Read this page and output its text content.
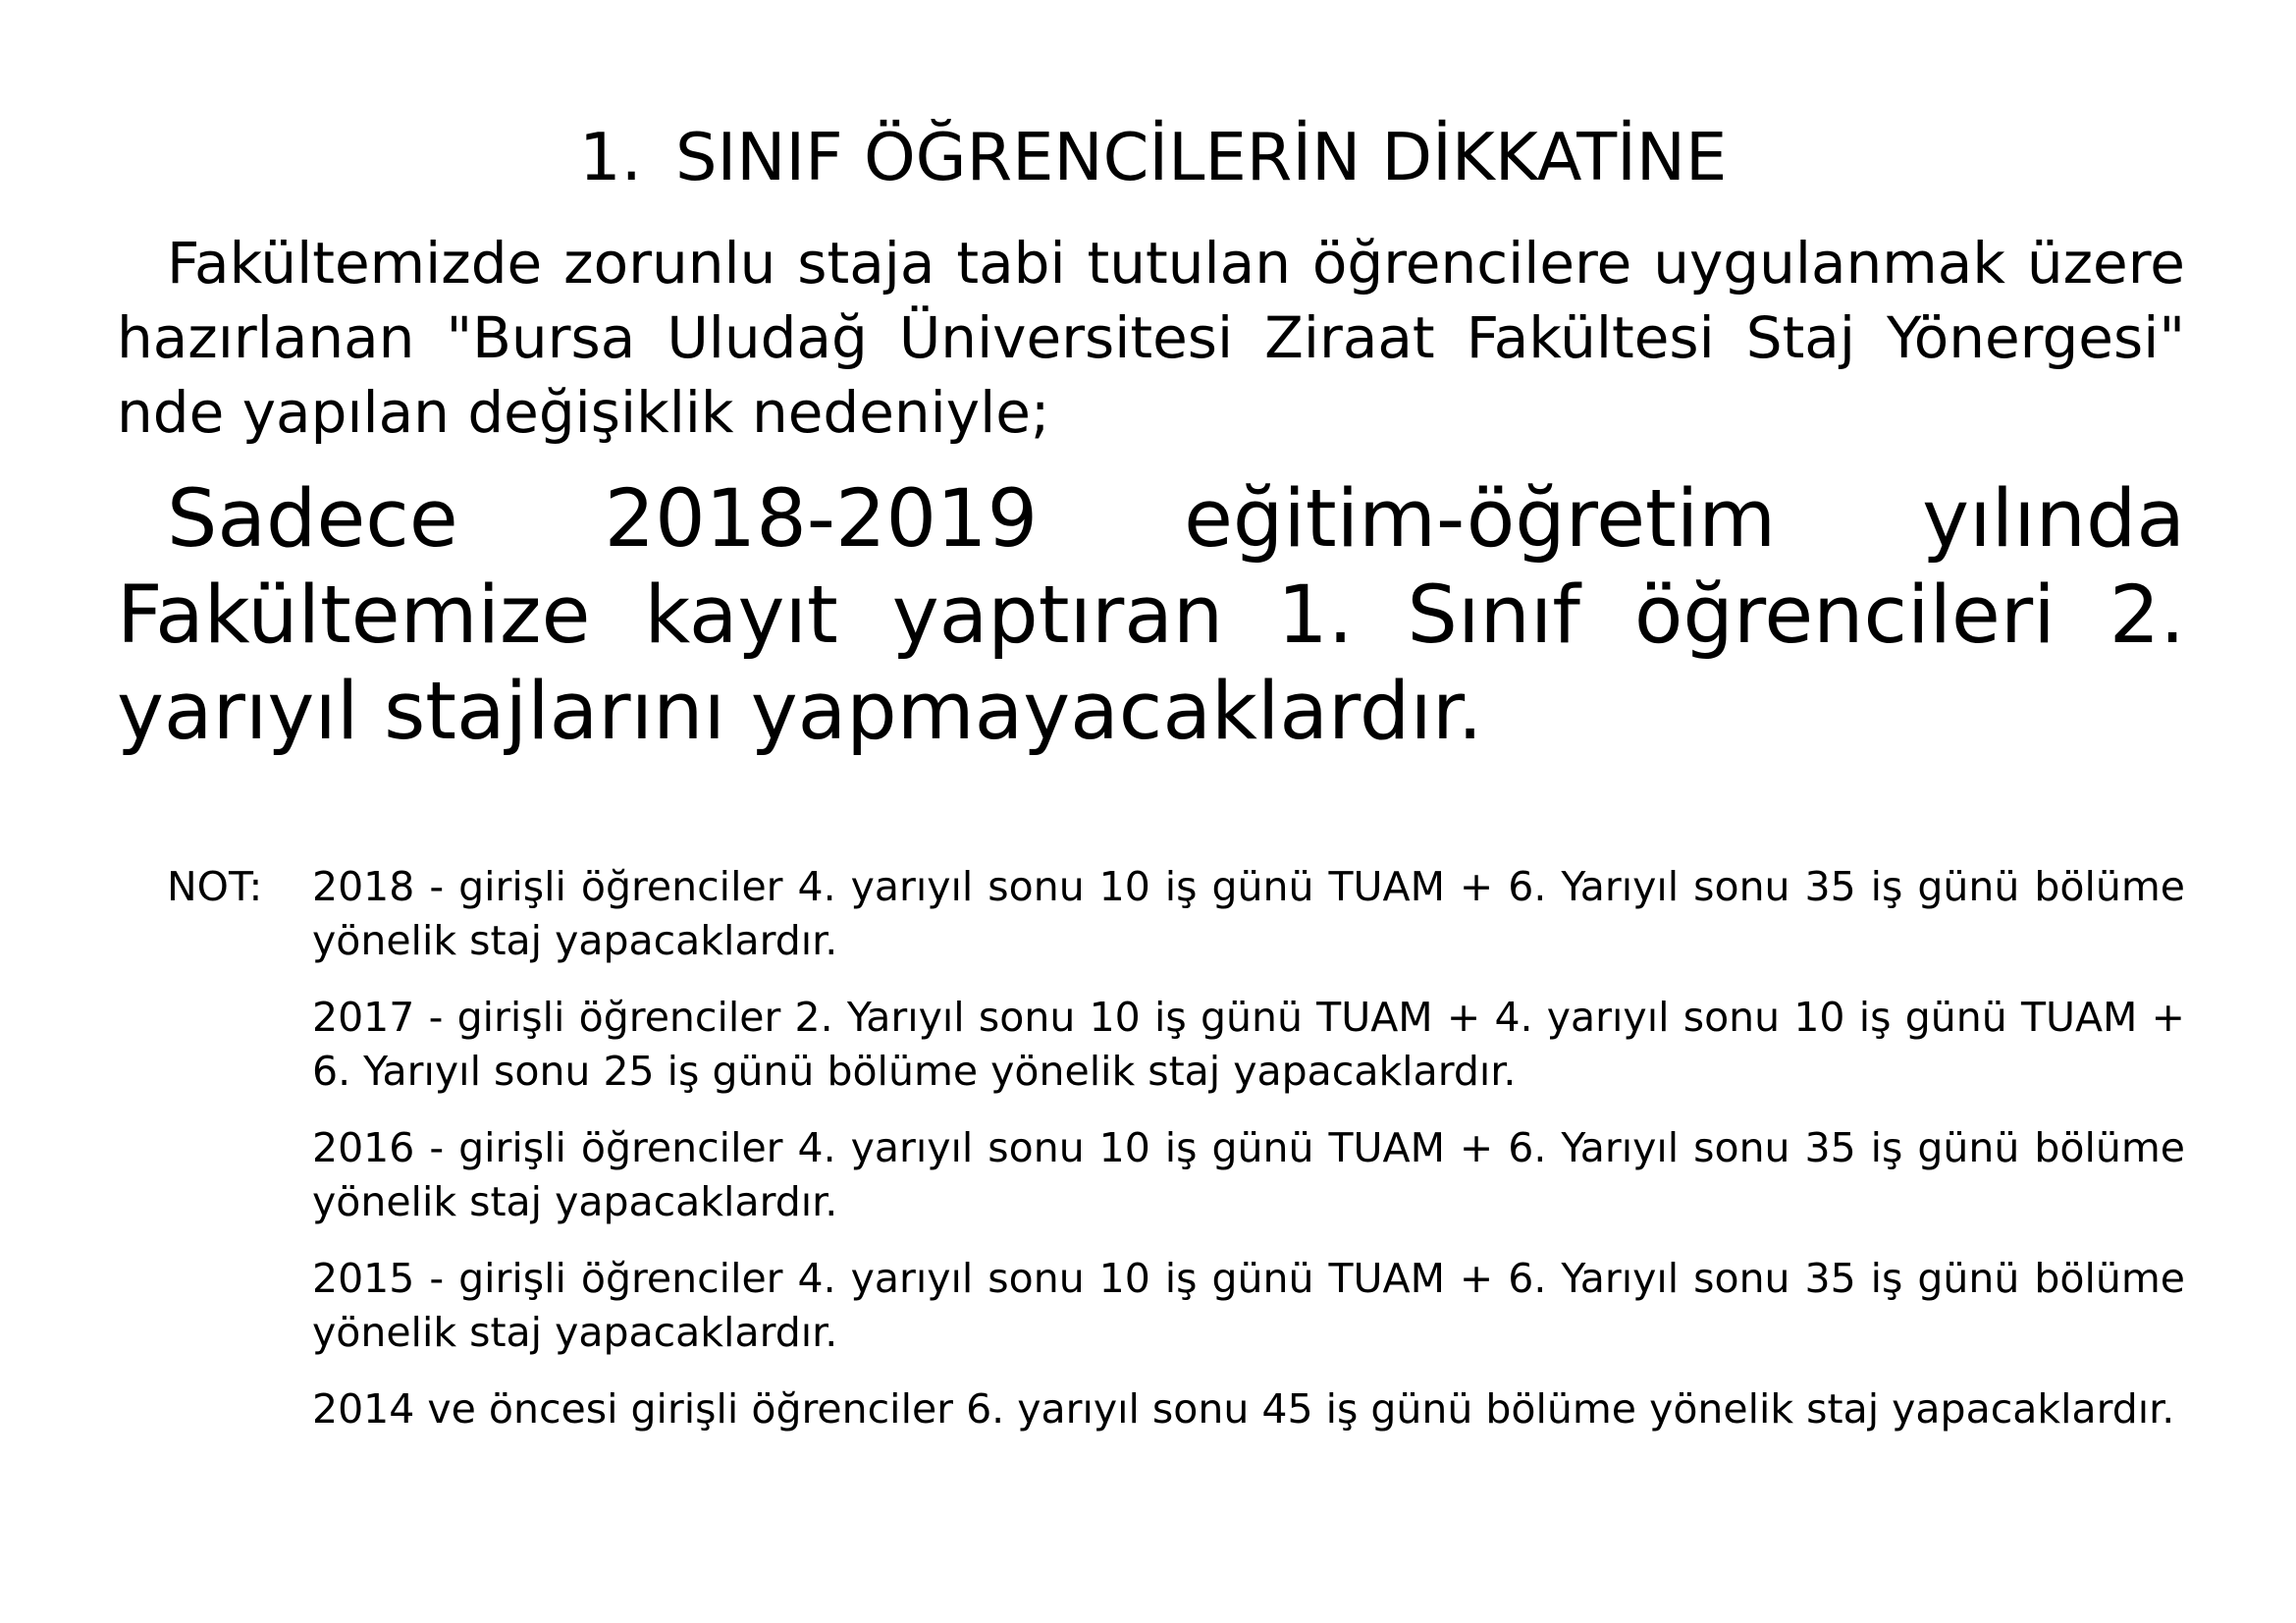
1. SINIF ÖĞRENCİLERİN DİKKATİNE

Fakültemizde zorunlu staja tabi tutulan öğrencilere uygulanmak üzere hazırlanan "Bursa Uludağ Üniversitesi Ziraat Fakültesi Staj Yönergesi" nde yapılan değişiklik nedeniyle;

Sadece 2018-2019 eğitim-öğretim yılında Fakültemize kayıt yaptıran 1. Sınıf öğrencileri 2. yarıyıl stajlarını yapmayacaklardır.

NOT: 2018 - girişli öğrenciler 4. yarıyıl sonu 10 iş günü TUAM + 6. Yarıyıl sonu 35 iş günü bölüme yönelik staj yapacaklardır.
2017 - girişli öğrenciler 2. Yarıyıl sonu 10 iş günü TUAM + 4. yarıyıl sonu 10 iş günü TUAM + 6. Yarıyıl sonu 25 iş günü bölüme yönelik staj yapacaklardır.
2016 - girişli öğrenciler 4. yarıyıl sonu 10 iş günü TUAM + 6. Yarıyıl sonu 35 iş günü bölüme yönelik staj yapacaklardır.
2015 - girişli öğrenciler 4. yarıyıl sonu 10 iş günü TUAM + 6. Yarıyıl sonu 35 iş günü bölüme yönelik staj yapacaklardır.
2014 ve öncesi girişli öğrenciler 6. yarıyıl sonu 45 iş günü bölüme yönelik staj yapacaklardır.
